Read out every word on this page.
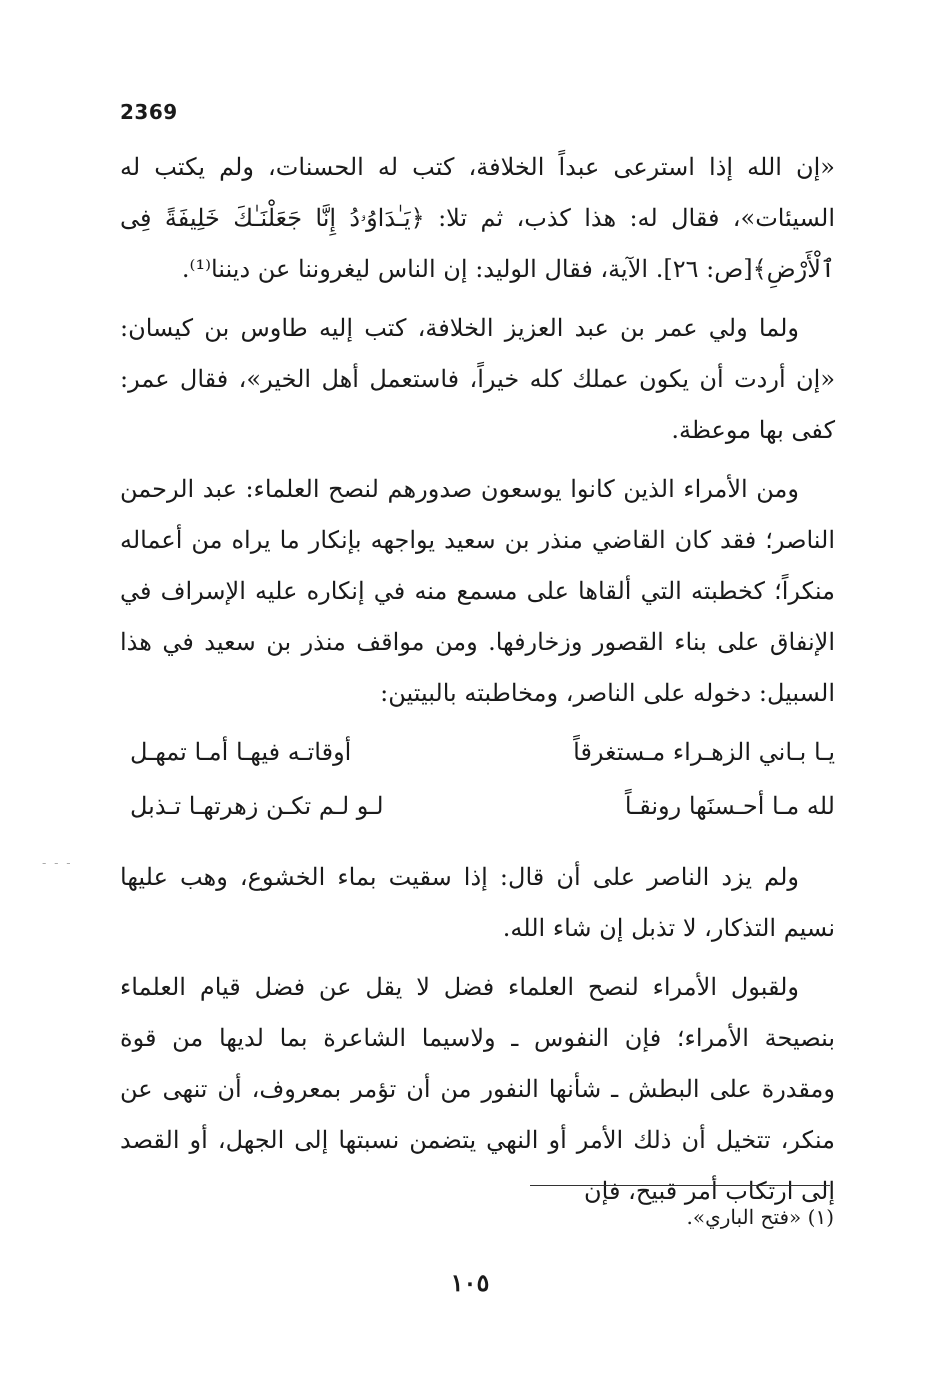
2369

«إن الله إذا استرعى عبداً الخلافة، كتب له الحسنات، ولم يكتب له السيئات»، فقال له: هذا كذب، ثم تلا: ﴿يَـٰدَاوُۥدُ إِنَّا جَعَلْنَـٰكَ خَلِيفَةً فِى ٱلْأَرْضِ﴾[ص: ٢٦]. الآية، فقال الوليد: إن الناس ليغروننا عن ديننا⁽¹⁾.

ولما ولي عمر بن عبد العزيز الخلافة، كتب إليه طاوس بن كيسان: «إن أردت أن يكون عملك كله خيراً، فاستعمل أهل الخير»، فقال عمر: كفى بها موعظة.

ومن الأمراء الذين كانوا يوسعون صدورهم لنصح العلماء: عبد الرحمن الناصر؛ فقد كان القاضي منذر بن سعيد يواجهه بإنكار ما يراه من أعماله منكراً؛ كخطبته التي ألقاها على مسمع منه في إنكاره عليه الإسراف في الإنفاق على بناء القصور وزخارفها. ومن مواقف منذر بن سعيد في هذا السبيل: دخوله على الناصر، ومخاطبته بالبيتين:

يـا بـاني الزهـراء مـستغرقاً
أوقاتـه فيهـا أمـا تمهـل
لله مـا أحـسنَها رونقـاً
لـو لـم تكـن زهرتهـا تـذبل
‐ ‐ ‐ ولم يزد الناصر على أن قال: إذا سقيت بماء الخشوع، وهب عليها نسيم التذكار، لا تذبل إن شاء الله.

ولقبول الأمراء لنصح العلماء فضل لا يقل عن فضل قيام العلماء بنصيحة الأمراء؛ فإن النفوس ـ ولاسيما الشاعرة بما لديها من قوة ومقدرة على البطش ـ شأنها النفور من أن تؤمر بمعروف، أن تنهى عن منكر، تتخيل أن ذلك الأمر أو النهي يتضمن نسبتها إلى الجهل، أو القصد إلى ارتكاب أمر قبيح، فإن

(١) «فتح الباري».
١٠٥
